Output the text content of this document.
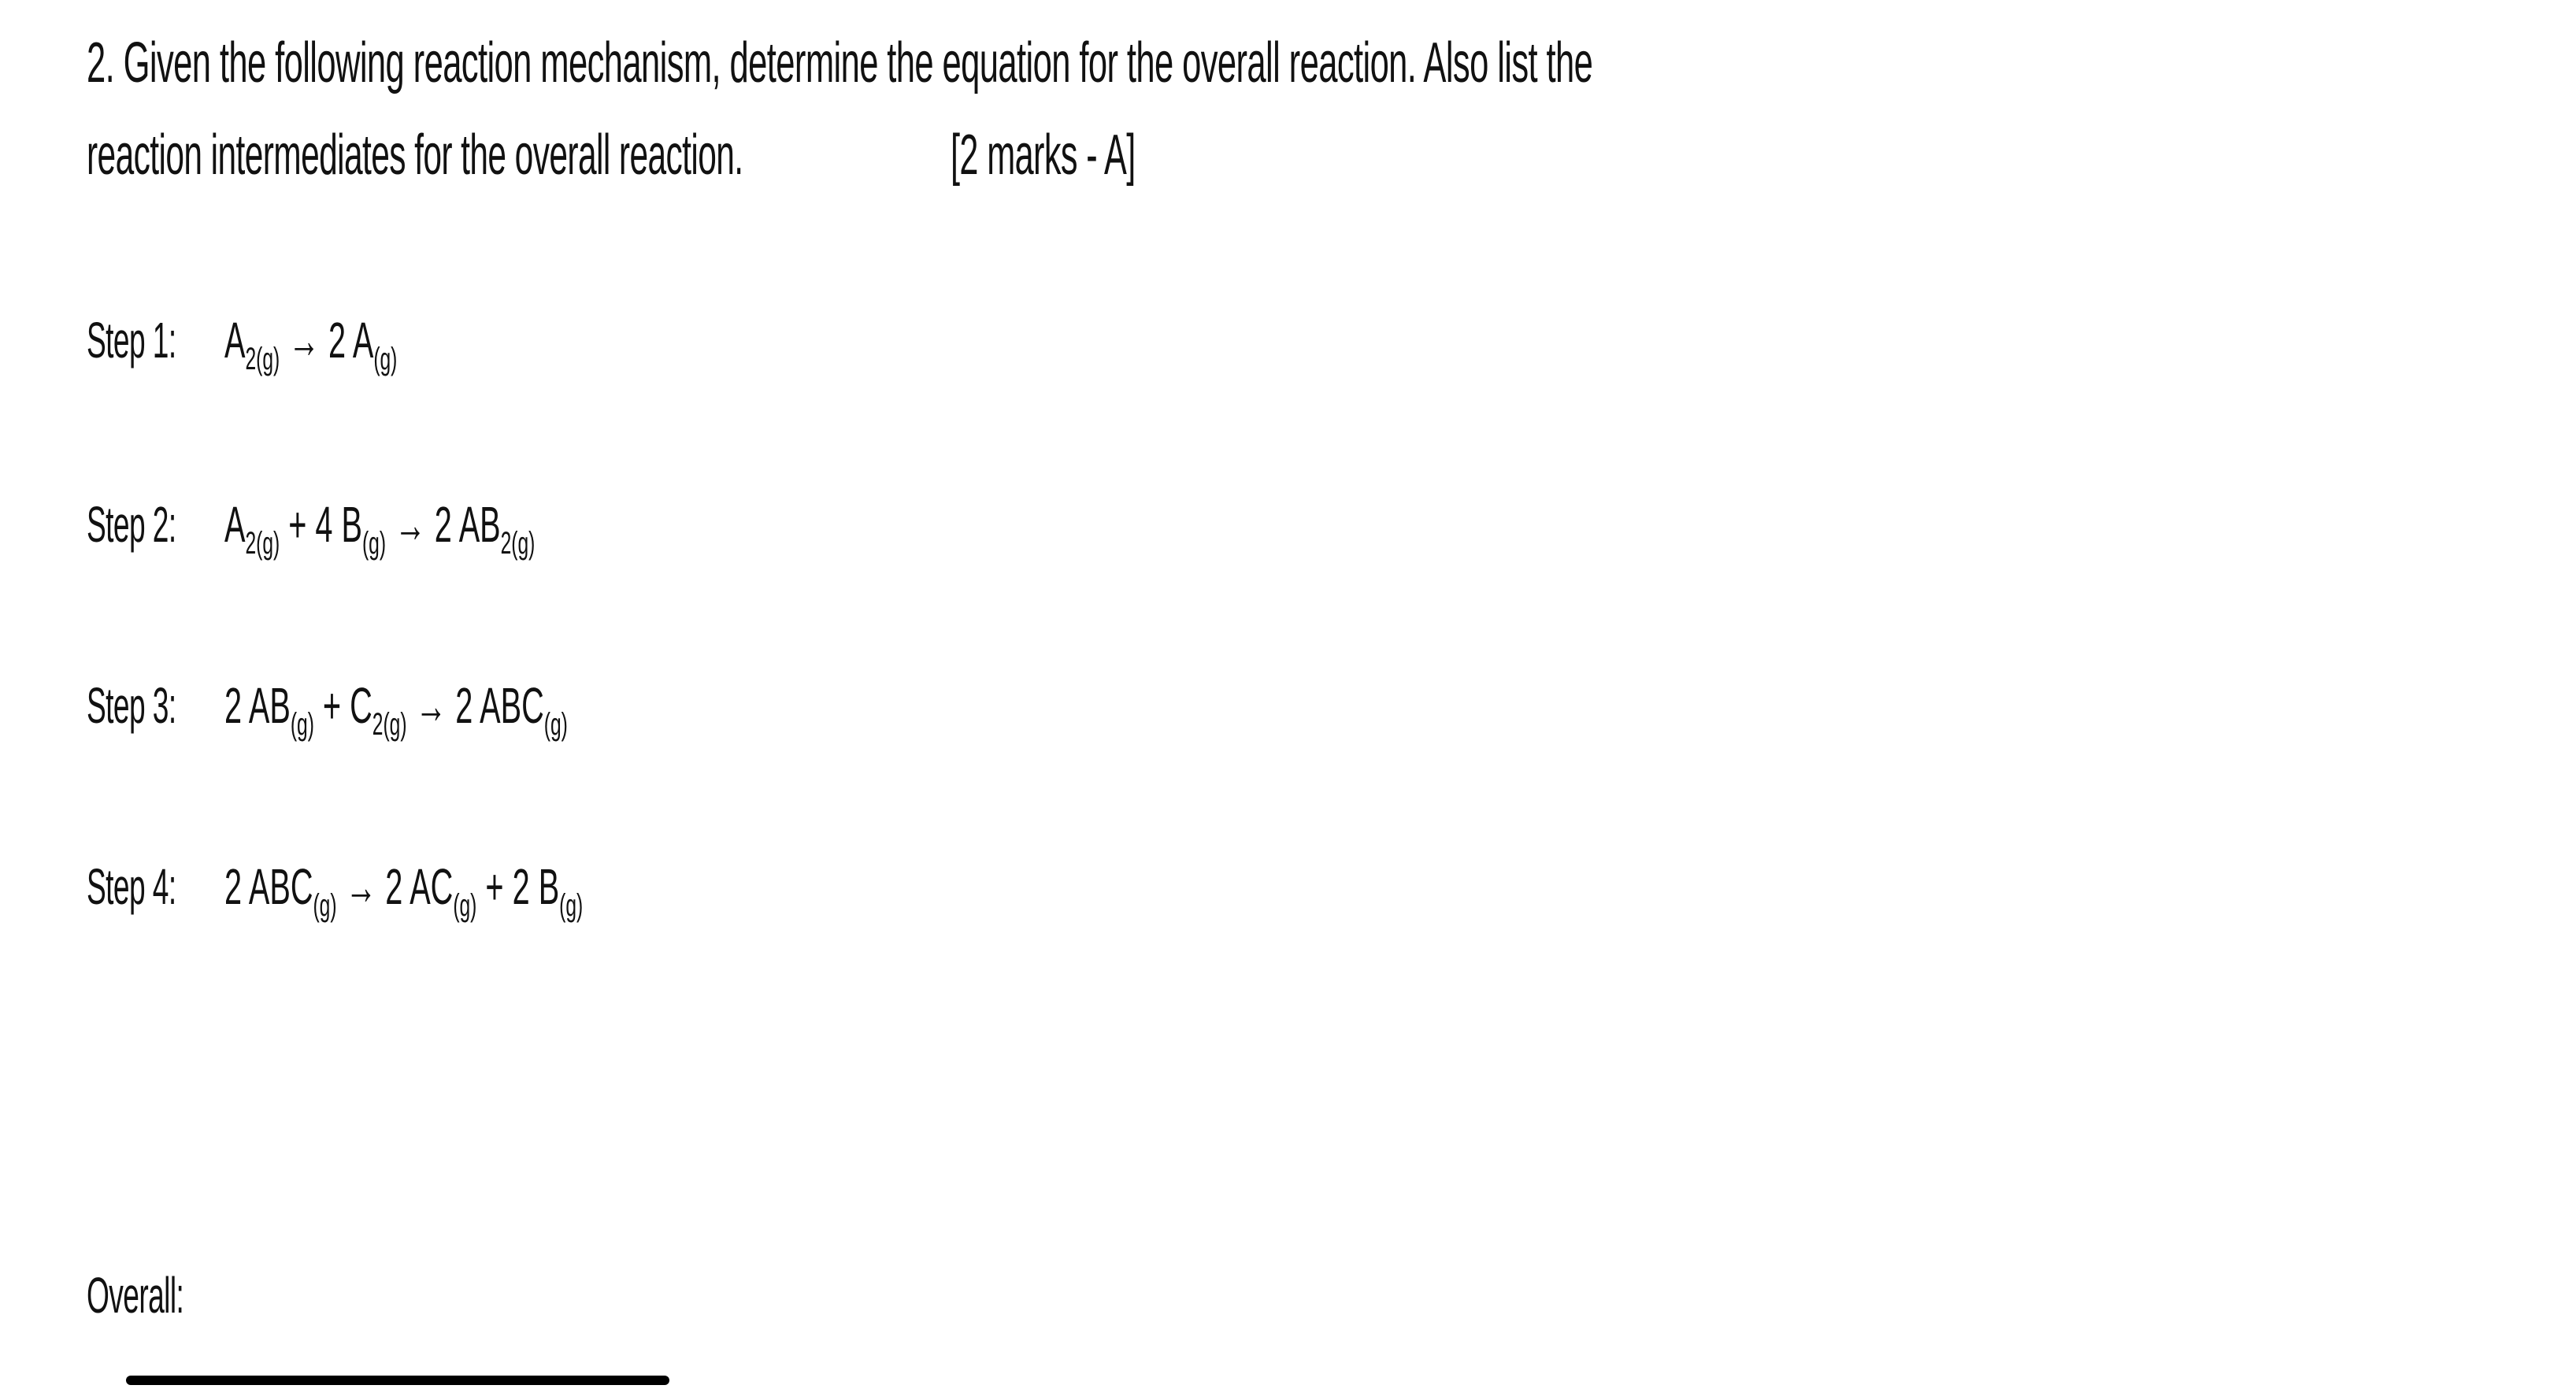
2. Given the following reaction mechanism, determine the equation for the overall reaction. Also list the
reaction intermediates for the overall reaction.	[2 marks - A]
Step 1: $A_{2(g)} \to 2$ $A_{(g)}$
Step 2: $A_{2(g)} + 4$ $B_{(g)} \to 2$ $AB_{2(g)}$
Step 3: 2 $AB_{(g)} + C_{2(g)} \to 2$ $ABC_{(g)}$
Step 4: 2 $ABC_{(g)} \to 2$ $AC_{(g)} + 2$ $B_{(g)}$
Overall:
